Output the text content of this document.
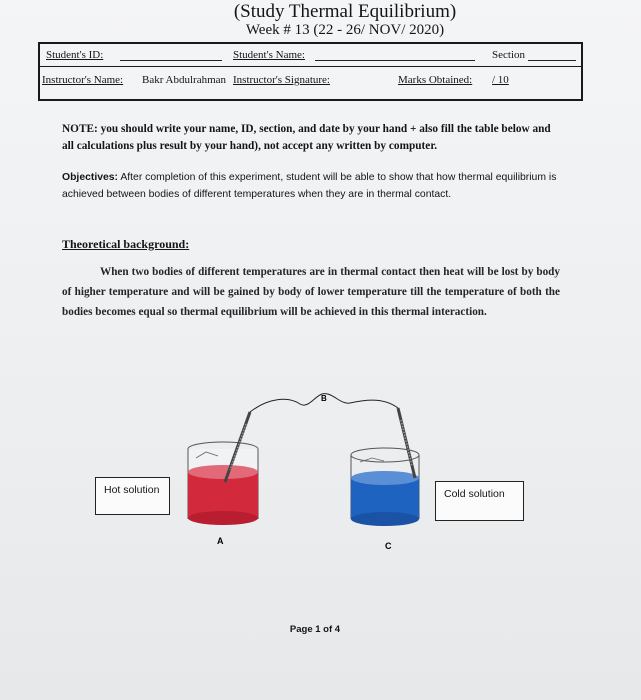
(Study Thermal Equilibrium)
Week # 13 (22 - 26/ NOV/ 2020)
Student's ID:	Student's Name:	Section
Instructor's Name: Bakr Abdulrahman Instructor's Signature:	Marks Obtained: / 10
NOTE: you should write your name, ID, section, and date by your hand + also fill the table below and all calculations plus result by your hand), not accept any written by computer.
Objectives: After completion of this experiment, student will be able to show that how thermal equilibrium is achieved between bodies of different temperatures when they are in thermal contact.
Theoretical background:
When two bodies of different temperatures are in thermal contact then heat will be lost by body of higher temperature and will be gained by body of lower temperature till the temperature of both the bodies becomes equal so thermal equilibrium will be achieved in this thermal interaction.
B
A	C
Hot solution	Cold solution
Page 1 of 4
